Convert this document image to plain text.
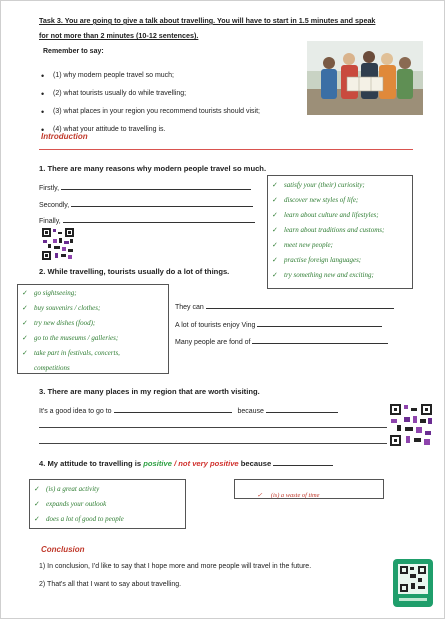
Task 3. You are going to give a talk about travelling. You will have to start in 1.5 minutes and speak
for not more than 2 minutes (10-12 sentences).
Remember to say:
• (1) why modern people travel so much;
• (2) what tourists usually do while travelling;
• (3) what places in your region you recommend tourists should visit;
• (4) what your attitude to travelling is.
Introduction
1. There are many reasons why modern people travel so much.
Firstly,
Secondly,
Finally,
2. While travelling, tourists usually do a lot of things.
✓ satisfy your (their) curiosity;
✓ discover new styles of life;
✓ learn about culture and lifestyles;
✓ learn about traditions and customs;
✓ meet new people;
✓ practise foreign languages;
✓ try something new and exciting;
✓ go sightseeing;
✓ buy souvenirs / clothes;
✓ try new dishes (food);
✓ go to the museums / galleries;
✓ take part in festivals, concerts,
competitions
They can
A lot of tourists enjoy Ving
Many people are fond of
3. There are many places in my region that are worth visiting.
It's a good idea to go to	because
4. My attitude to travelling is positive / not very positive because
✓ (is) a great activity
✓ expands your outlook
✓ does a lot of good to people
✓ (is) a waste of time
Conclusion
1) In conclusion, I'd like to say that I hope more and more people will travel in the future.
2) That's all that I want to say about travelling.
